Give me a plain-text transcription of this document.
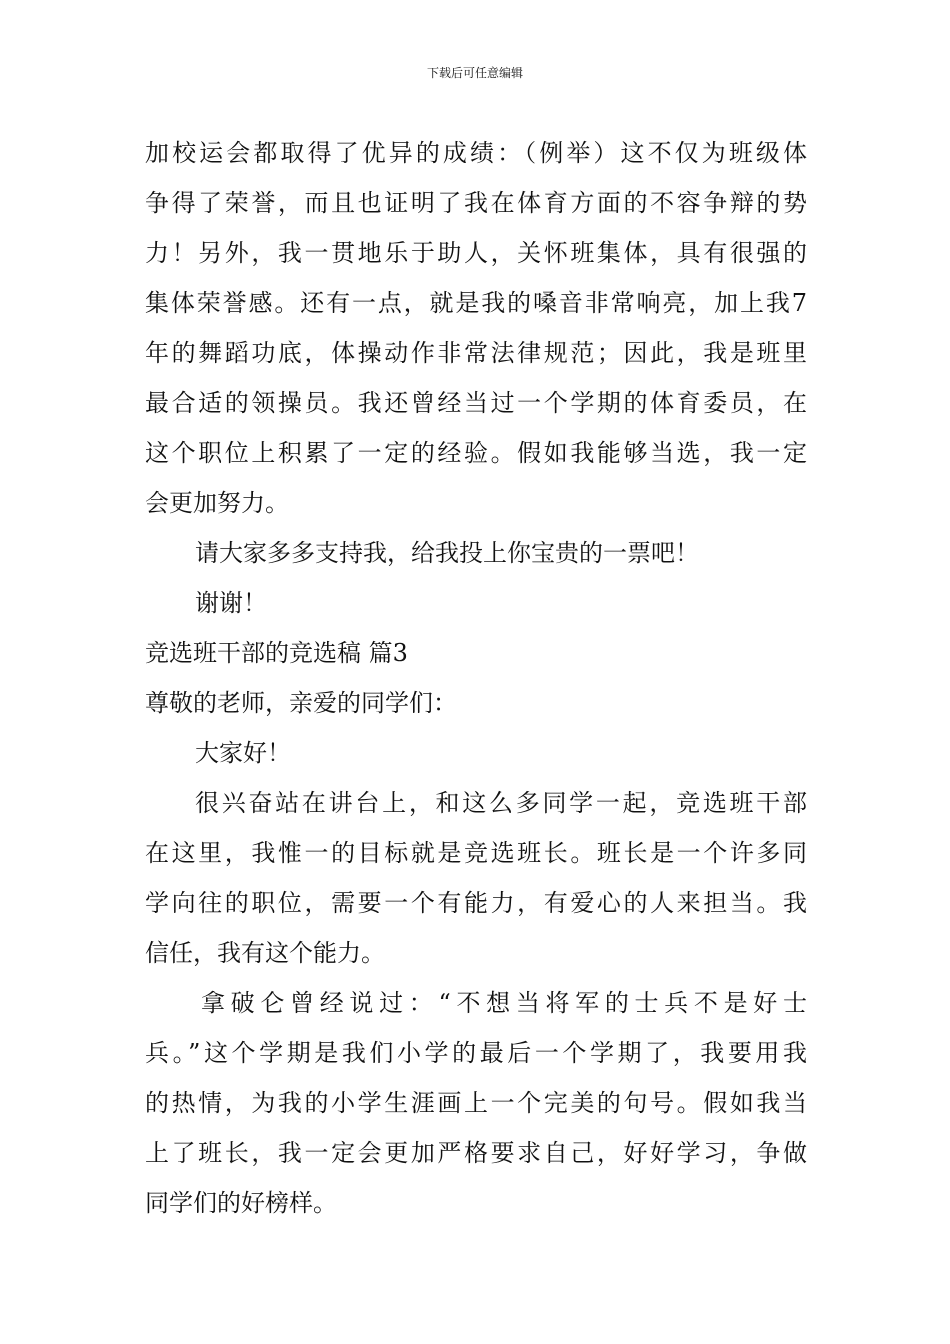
下载后可任意编辑
加校运会都取得了优异的成绩：（例举）这不仅为班级体
争得了荣誉，而且也证明了我在体育方面的不容争辩的势
力！另外，我一贯地乐于助人，关怀班集体，具有很强的
集体荣誉感。还有一点，就是我的嗓音非常响亮，加上我7
年的舞蹈功底，体操动作非常法律规范；因此，我是班里
最合适的领操员。我还曾经当过一个学期的体育委员，在
这个职位上积累了一定的经验。假如我能够当选，我一定
会更加努力。
请大家多多支持我，给我投上你宝贵的一票吧！
谢谢！
竞选班干部的竞选稿 篇3
尊敬的老师，亲爱的同学们：
大家好！
很兴奋站在讲台上，和这么多同学一起，竞选班干部
在这里，我惟一的目标就是竞选班长。班长是一个许多同
学向往的职位，需要一个有能力，有爱心的人来担当。我
信任，我有这个能力。
拿破仑曾经说过：“不想当将军的士兵不是好士
兵。”这个学期是我们小学的最后一个学期了，我要用我
的热情，为我的小学生涯画上一个完美的句号。假如我当
上了班长，我一定会更加严格要求自己，好好学习，争做
同学们的好榜样。
